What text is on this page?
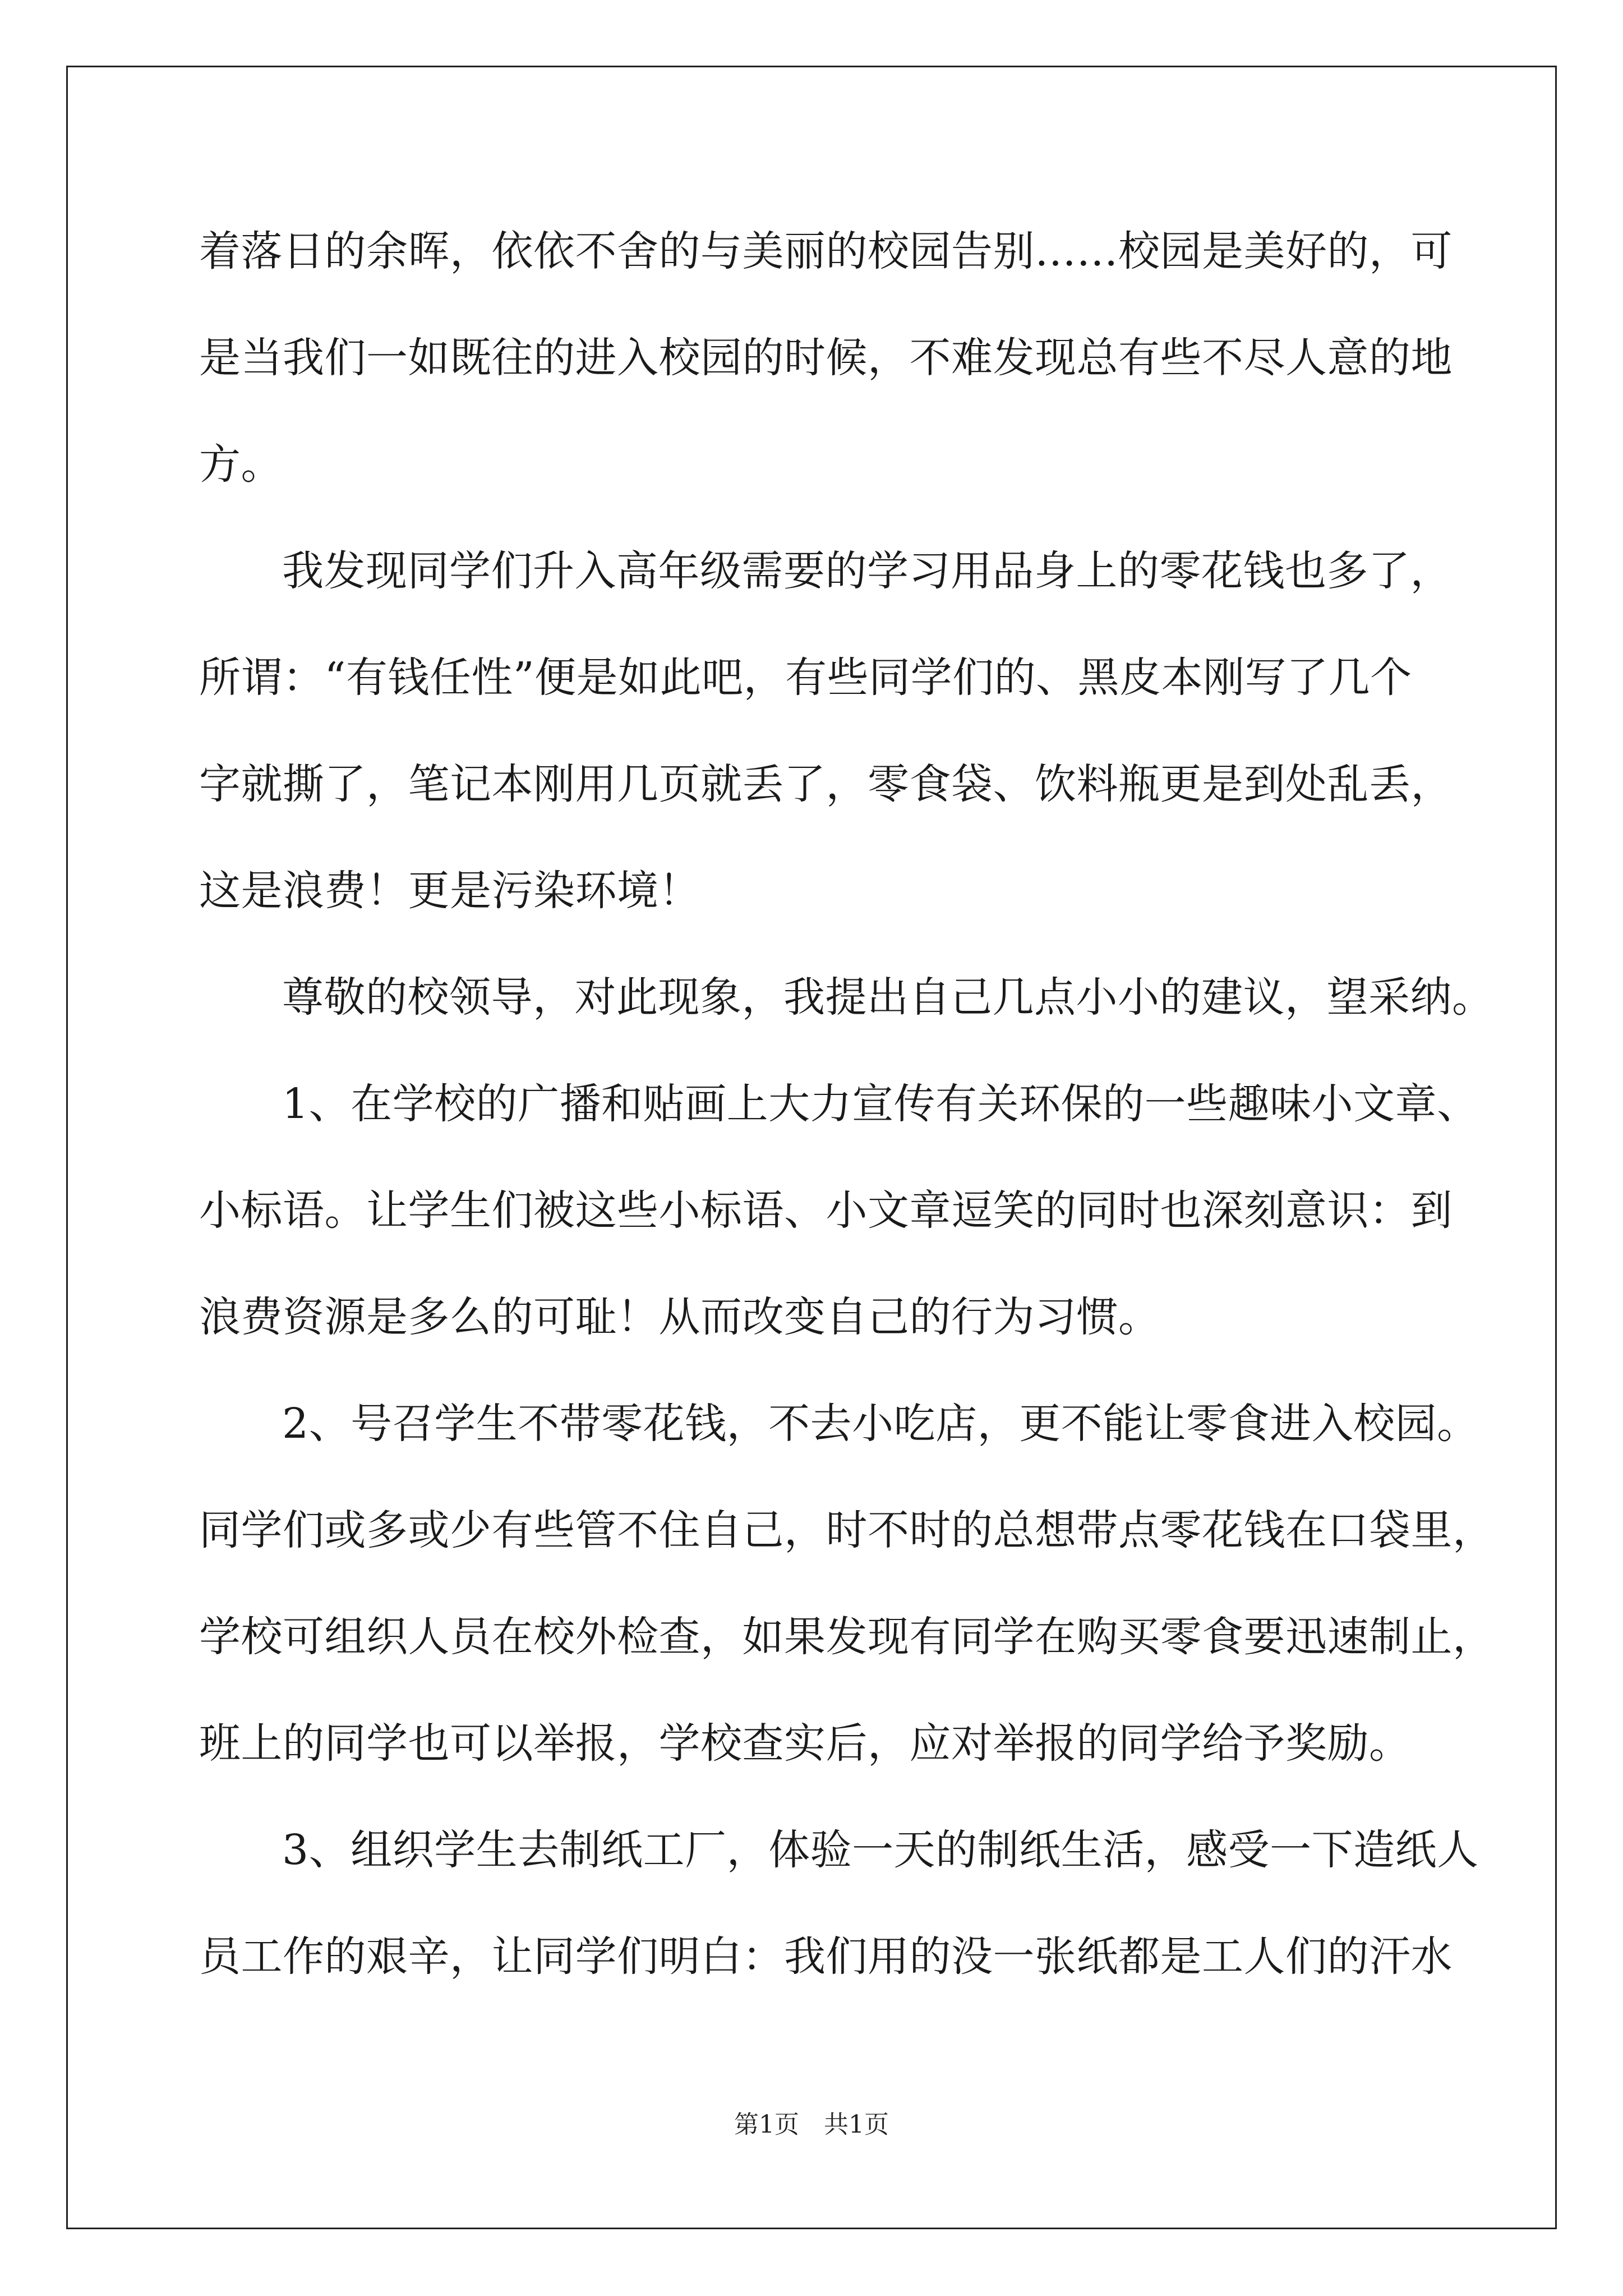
着落日的余晖，依依不舍的与美丽的校园告别……校园是美好的，可
是当我们一如既往的进入校园的时候，不难发现总有些不尽人意的地
方。
我发现同学们升入高年级需要的学习用品身上的零花钱也多了，
所谓：“有钱任性”便是如此吧，有些同学们的、黑皮本刚写了几个
字就撕了，笔记本刚用几页就丢了，零食袋、饮料瓶更是到处乱丢，
这是浪费！更是污染环境！
尊敬的校领导，对此现象，我提出自己几点小小的建议，望采纳。
1、在学校的广播和贴画上大力宣传有关环保的一些趣味小文章、
小标语。让学生们被这些小标语、小文章逗笑的同时也深刻意识：到
浪费资源是多么的可耻！从而改变自己的行为习惯。
2、号召学生不带零花钱，不去小吃店，更不能让零食进入校园。
同学们或多或少有些管不住自己，时不时的总想带点零花钱在口袋里，
学校可组织人员在校外检查，如果发现有同学在购买零食要迅速制止，
班上的同学也可以举报，学校查实后，应对举报的同学给予奖励。
3、组织学生去制纸工厂，体验一天的制纸生活，感受一下造纸人
员工作的艰辛，让同学们明白：我们用的没一张纸都是工人们的汗水
第1页　共1页
